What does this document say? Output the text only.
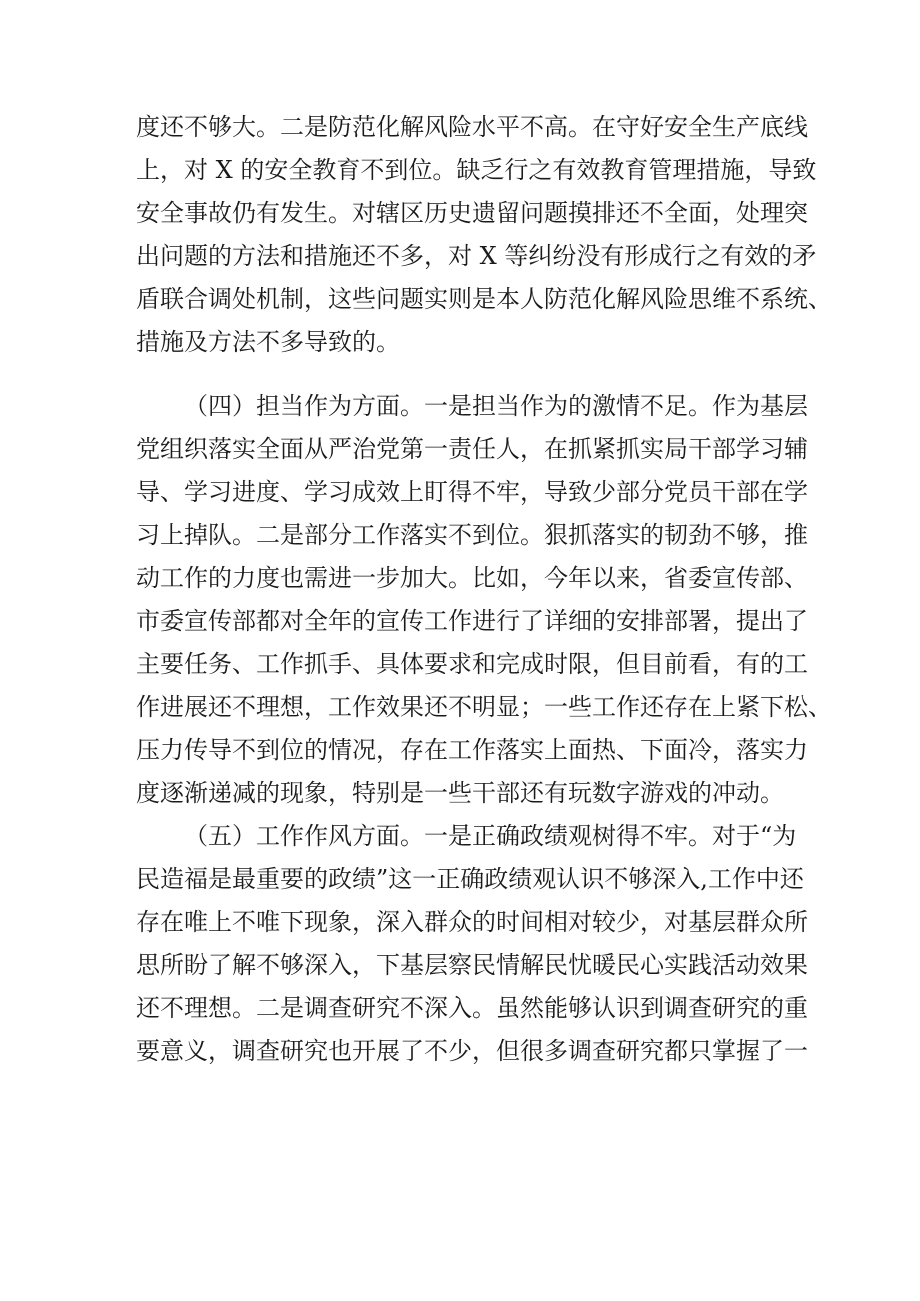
度还不够大。二是防范化解风险水平不高。在守好安全生产底线
上，对 X 的安全教育不到位。缺乏行之有效教育管理措施，导致
安全事故仍有发生。对辖区历史遗留问题摸排还不全面，处理突
出问题的方法和措施还不多，对 X 等纠纷没有形成行之有效的矛
盾联合调处机制，这些问题实则是本人防范化解风险思维不系统、
措施及方法不多导致的。
（四）担当作为方面。一是担当作为的激情不足。作为基层
党组织落实全面从严治党第一责任人，在抓紧抓实局干部学习辅
导、学习进度、学习成效上盯得不牢，导致少部分党员干部在学
习上掉队。二是部分工作落实不到位。狠抓落实的韧劲不够，推
动工作的力度也需进一步加大。比如，今年以来，省委宣传部、
市委宣传部都对全年的宣传工作进行了详细的安排部署，提出了
主要任务、工作抓手、具体要求和完成时限，但目前看，有的工
作进展还不理想，工作效果还不明显；一些工作还存在上紧下松、
压力传导不到位的情况，存在工作落实上面热、下面冷，落实力
度逐渐递减的现象，特别是一些干部还有玩数字游戏的冲动。
（五）工作作风方面。一是正确政绩观树得不牢。对于“为
民造福是最重要的政绩”这一正确政绩观认识不够深入,工作中还
存在唯上不唯下现象，深入群众的时间相对较少，对基层群众所
思所盼了解不够深入，下基层察民情解民忧暖民心实践活动效果
还不理想。二是调查研究不深入。虽然能够认识到调查研究的重
要意义，调查研究也开展了不少，但很多调查研究都只掌握了一
